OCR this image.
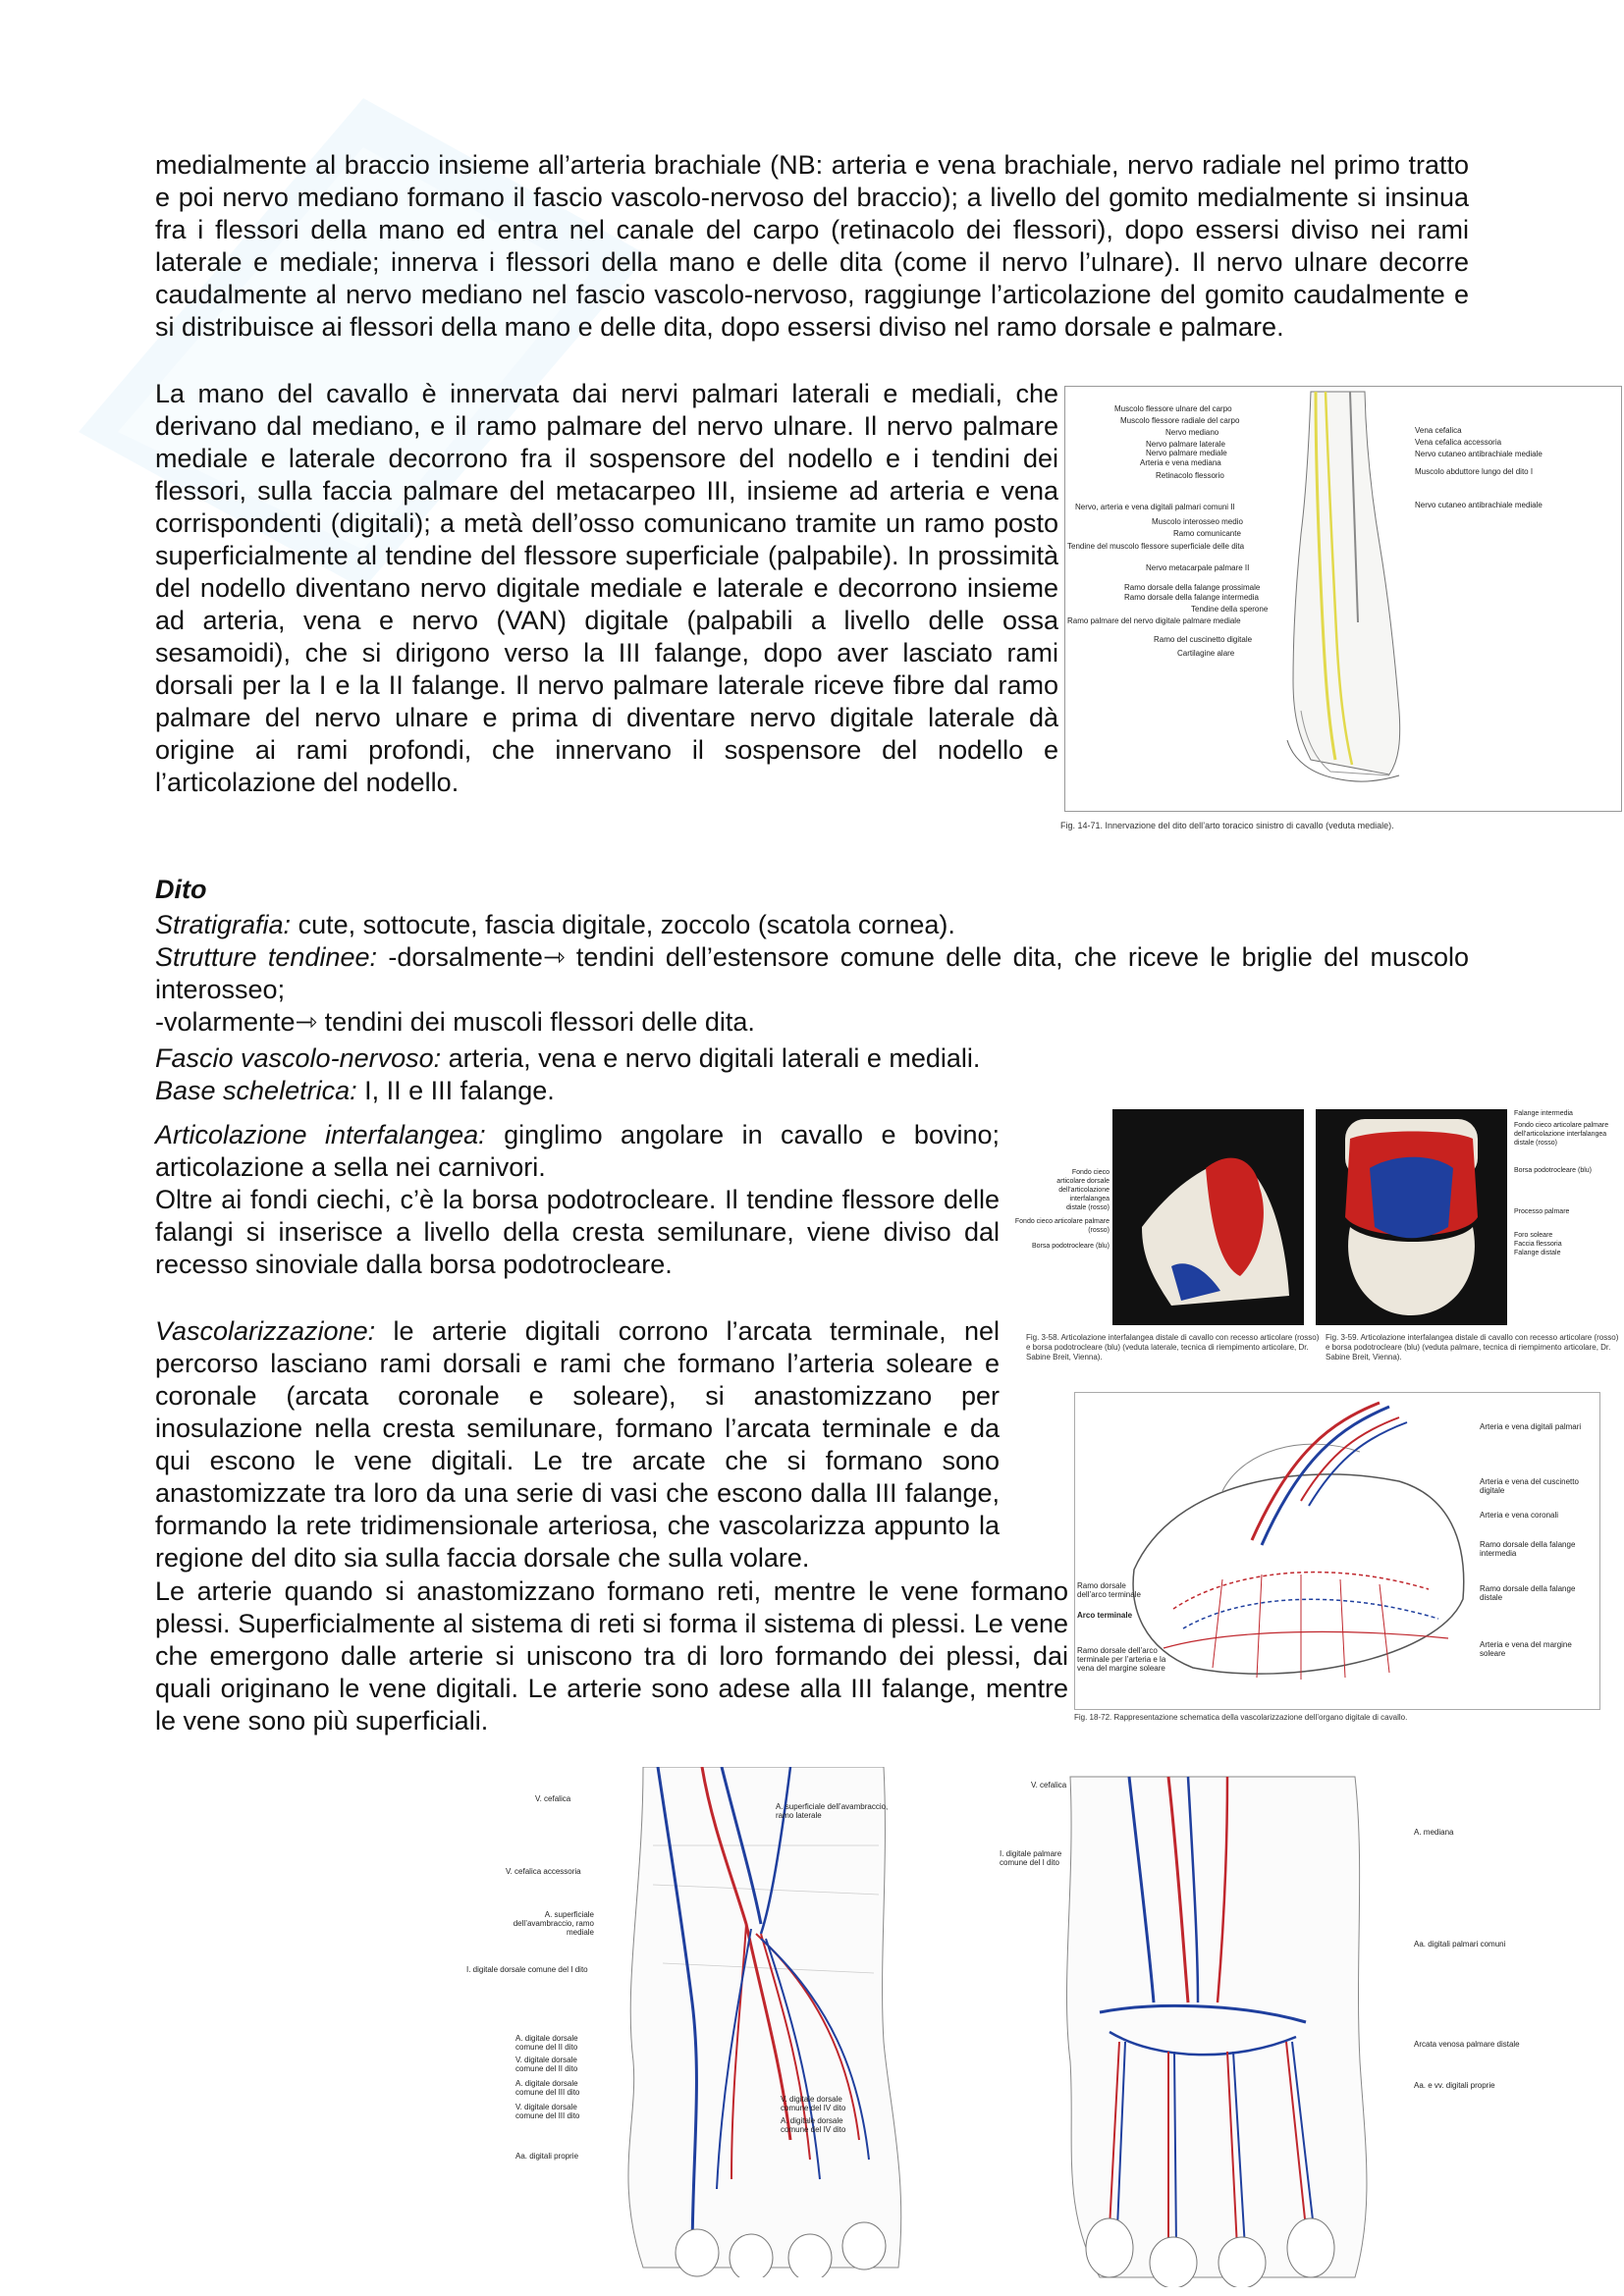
medialmente al braccio insieme all’arteria brachiale (NB: arteria e vena brachiale, nervo radiale nel primo tratto e poi nervo mediano formano il fascio vascolo-nervoso del braccio); a livello del gomito medialmente si insinua fra i flessori della mano ed entra nel canale del carpo (retinacolo dei flessori), dopo essersi diviso nei rami laterale e mediale; innerva i flessori della mano e delle dita (come il nervo l’ulnare). Il nervo ulnare decorre caudalmente al nervo mediano nel fascio vascolo-nervoso, raggiunge l’articolazione del gomito caudalmente e si distribuisce ai flessori della mano e delle dita, dopo essersi diviso nel ramo dorsale e palmare.

La mano del cavallo è innervata dai nervi palmari laterali e mediali, che derivano dal mediano, e il ramo palmare del nervo ulnare. Il nervo palmare mediale e laterale decorrono fra il sospensore del nodello e i tendini dei flessori, sulla faccia palmare del metacarpeo III, insieme ad arteria e vena corrispondenti (digitali); a metà dell’osso comunicano tramite un ramo posto superficialmente al tendine del flessore superficiale (palpabile). In prossimità del nodello diventano nervo digitale mediale e laterale e decorrono insieme ad arteria, vena e nervo (VAN) digitale (palpabili a livello delle ossa sesamoidi), che si dirigono verso la III falange, dopo aver lasciato rami dorsali per la I e la II falange. Il nervo palmare laterale riceve fibre dal ramo palmare del nervo ulnare e prima di diventare nervo digitale laterale dà origine ai rami profondi, che innervano il sospensore del nodello e l’articolazione del nodello.

Muscolo flessore ulnare del carpo
Muscolo flessore radiale del carpo
Nervo mediano
Nervo palmare laterale
Nervo palmare mediale
Arteria e vena mediana
Retinacolo flessorio
Nervo, arteria e vena digitali palmari comuni II
Muscolo interosseo medio
Ramo comunicante
Tendine del muscolo flessore superficiale delle dita
Nervo metacarpale palmare II
Ramo dorsale della falange prossimale
Ramo dorsale della falange intermedia
Tendine della sperone
Ramo palmare del nervo digitale palmare mediale
Ramo del cuscinetto digitale
Cartilagine alare
Vena cefalica
Vena cefalica accessoria
Nervo cutaneo antibrachiale mediale
Muscolo abduttore lungo del dito I
Nervo cutaneo antibrachiale mediale
Fig. 14-71. Innervazione del dito dell’arto toracico sinistro di cavallo (veduta mediale).
Dito

Stratigrafia: cute, sottocute, fascia digitale, zoccolo (scatola cornea).

Strutture tendinee: -dorsalmente⇾ tendini dell’estensore comune delle dita, che riceve le briglie del muscolo interosseo;

-volarmente⇾ tendini dei muscoli flessori delle dita.

Fascio vascolo-nervoso: arteria, vena e nervo digitali laterali e mediali.

Base scheletrica: I, II e III falange.

Articolazione interfalangea: ginglimo angolare in cavallo e bovino; articolazione a sella nei carnivori.

Oltre ai fondi ciechi, c’è la borsa podotrocleare. Il tendine flessore delle falangi si inserisce a livello della cresta semilunare, viene diviso dal recesso sinoviale dalla borsa podotrocleare.

Vascolarizzazione: le arterie digitali corrono l’arcata terminale, nel percorso lasciano rami dorsali e rami che formano l’arteria soleare e coronale (arcata coronale e soleare), si anastomizzano per inosulazione nella cresta semilunare, formano l’arcata terminale e da qui escono le vene digitali. Le tre arcate che si formano sono anastomizzate tra loro da una serie di vasi che escono dalla III falange, formando la rete tridimensionale arteriosa, che vascolarizza appunto la regione del dito sia sulla faccia dorsale che sulla volare.

Le arterie quando si anastomizzano formano reti, mentre le vene formano plessi. Superficialmente al sistema di reti si forma il sistema di plessi. Le vene che emergono dalle arterie si uniscono tra di loro formando dei plessi, dai quali originano le vene digitali. Le arterie sono adese alla III falange, mentre le vene sono più superficiali.

Fondo cieco articolare dorsale dell’articolazione interfalangea distale (rosso)
Fondo cieco articolare palmare (rosso)
Borsa podotrocleare (blu)
Falange intermedia
Fondo cieco articolare palmare dell’articolazione interfalangea distale (rosso)
Borsa podotrocleare (blu)
Processo palmare
Foro soleare
Faccia flessoria
Falange distale
Fig. 3-58. Articolazione interfalangea distale di cavallo con recesso articolare (rosso) e borsa podotrocleare (blu) (veduta laterale, tecnica di riempimento articolare, Dr. Sabine Breit, Vienna).
Fig. 3-59. Articolazione interfalangea distale di cavallo con recesso articolare (rosso) e borsa podotrocleare (blu) (veduta palmare, tecnica di riempimento articolare, Dr. Sabine Breit, Vienna).
Ramo dorsale dell’arco terminale
Arco terminale
Ramo dorsale dell’arco terminale per l’arteria e la vena del margine soleare
Arteria e vena digitali palmari
Arteria e vena del cuscinetto digitale
Arteria e vena coronali
Ramo dorsale della falange intermedia
Ramo dorsale della falange distale
Arteria e vena del margine soleare
Fig. 18-72. Rappresentazione schematica della vascolarizzazione dell’organo digitale di cavallo.
V. cefalica
V. cefalica accessoria
A. superficiale dell’avambraccio, ramo mediale
I. digitale dorsale comune del I dito
A. digitale dorsale comune del II dito
V. digitale dorsale comune del II dito
A. digitale dorsale comune del III dito
V. digitale dorsale comune del III dito
Aa. digitali proprie
A. superficiale dell’avambraccio, ramo laterale
V. digitale dorsale comune del IV dito
A. digitale dorsale comune del IV dito
V. cefalica
I. digitale palmare comune del I dito
A. mediana
Aa. digitali palmari comuni
Arcata venosa palmare distale
Aa. e vv. digitali proprie
